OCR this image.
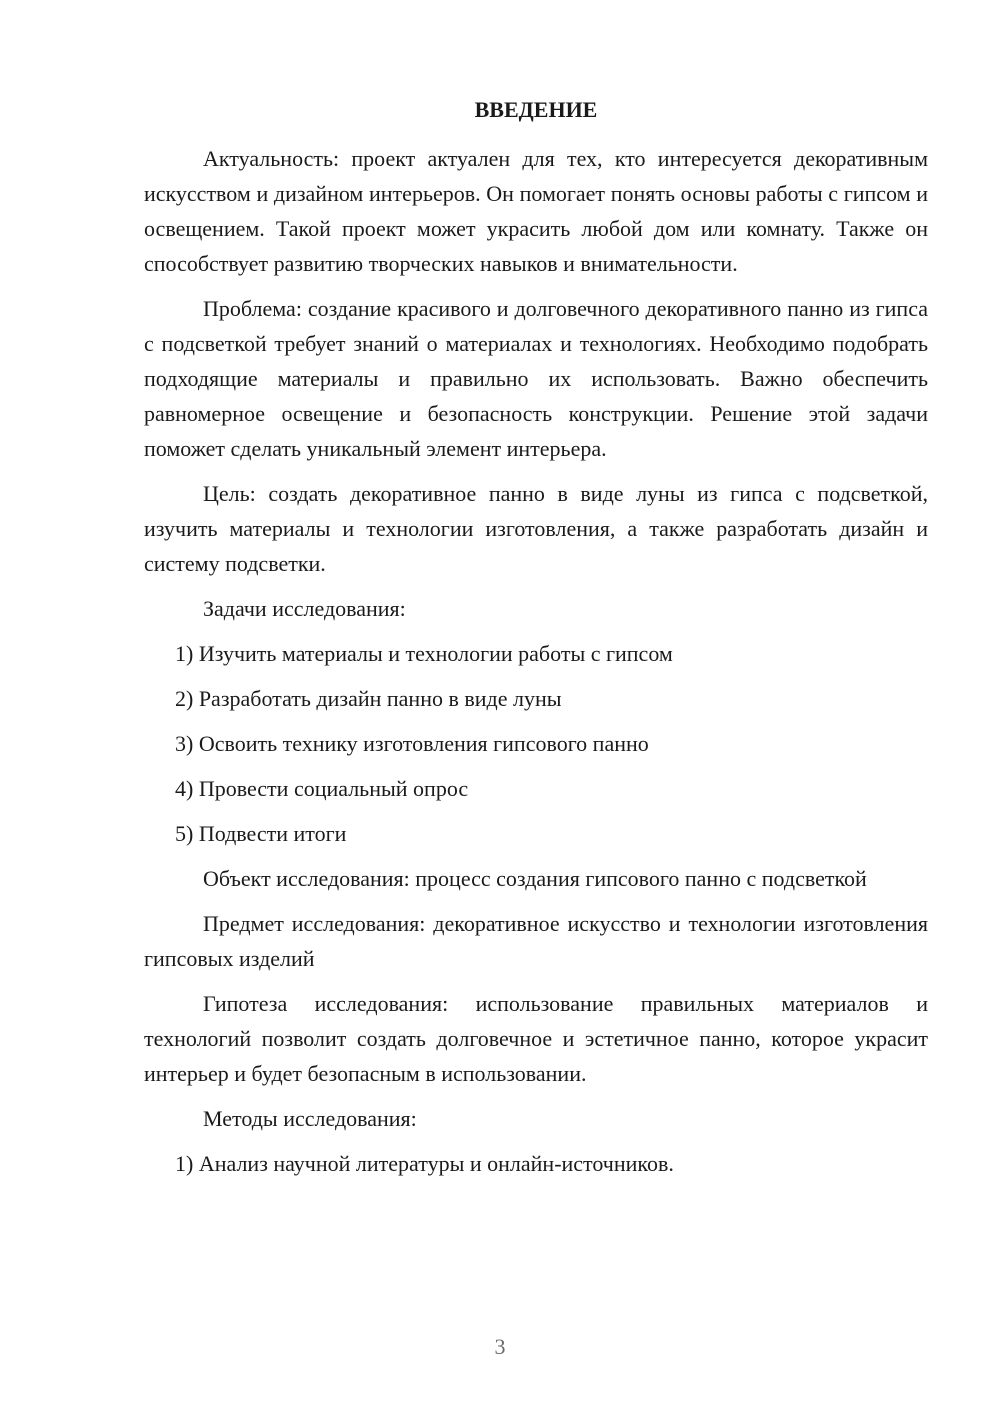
ВВЕДЕНИЕ

Актуальность: проект актуален для тех, кто интересуется декоративным искусством и дизайном интерьеров. Он помогает понять основы работы с гипсом и освещением. Такой проект может украсить любой дом или комнату. Также он способствует развитию творческих навыков и внимательности.

Проблема: создание красивого и долговечного декоративного панно из гипса с подсветкой требует знаний о материалах и технологиях. Необходимо подобрать подходящие материалы и правильно их использовать. Важно обеспечить равномерное освещение и безопасность конструкции. Решение этой задачи поможет сделать уникальный элемент интерьера.

Цель: создать декоративное панно в виде луны из гипса с подсветкой, изучить материалы и технологии изготовления, а также разработать дизайн и систему подсветки.

Задачи исследования:

1) Изучить материалы и технологии работы с гипсом
2) Разработать дизайн панно в виде луны
3) Освоить технику изготовления гипсового панно
4) Провести социальный опрос
5) Подвести итоги

Объект исследования: процесс создания гипсового панно с подсветкой

Предмет исследования: декоративное искусство и технологии изготовления гипсовых изделий

Гипотеза исследования: использование правильных материалов и технологий позволит создать долговечное и эстетичное панно, которое украсит интерьер и будет безопасным в использовании.

Методы исследования:

1) Анализ научной литературы и онлайн-источников.
3
